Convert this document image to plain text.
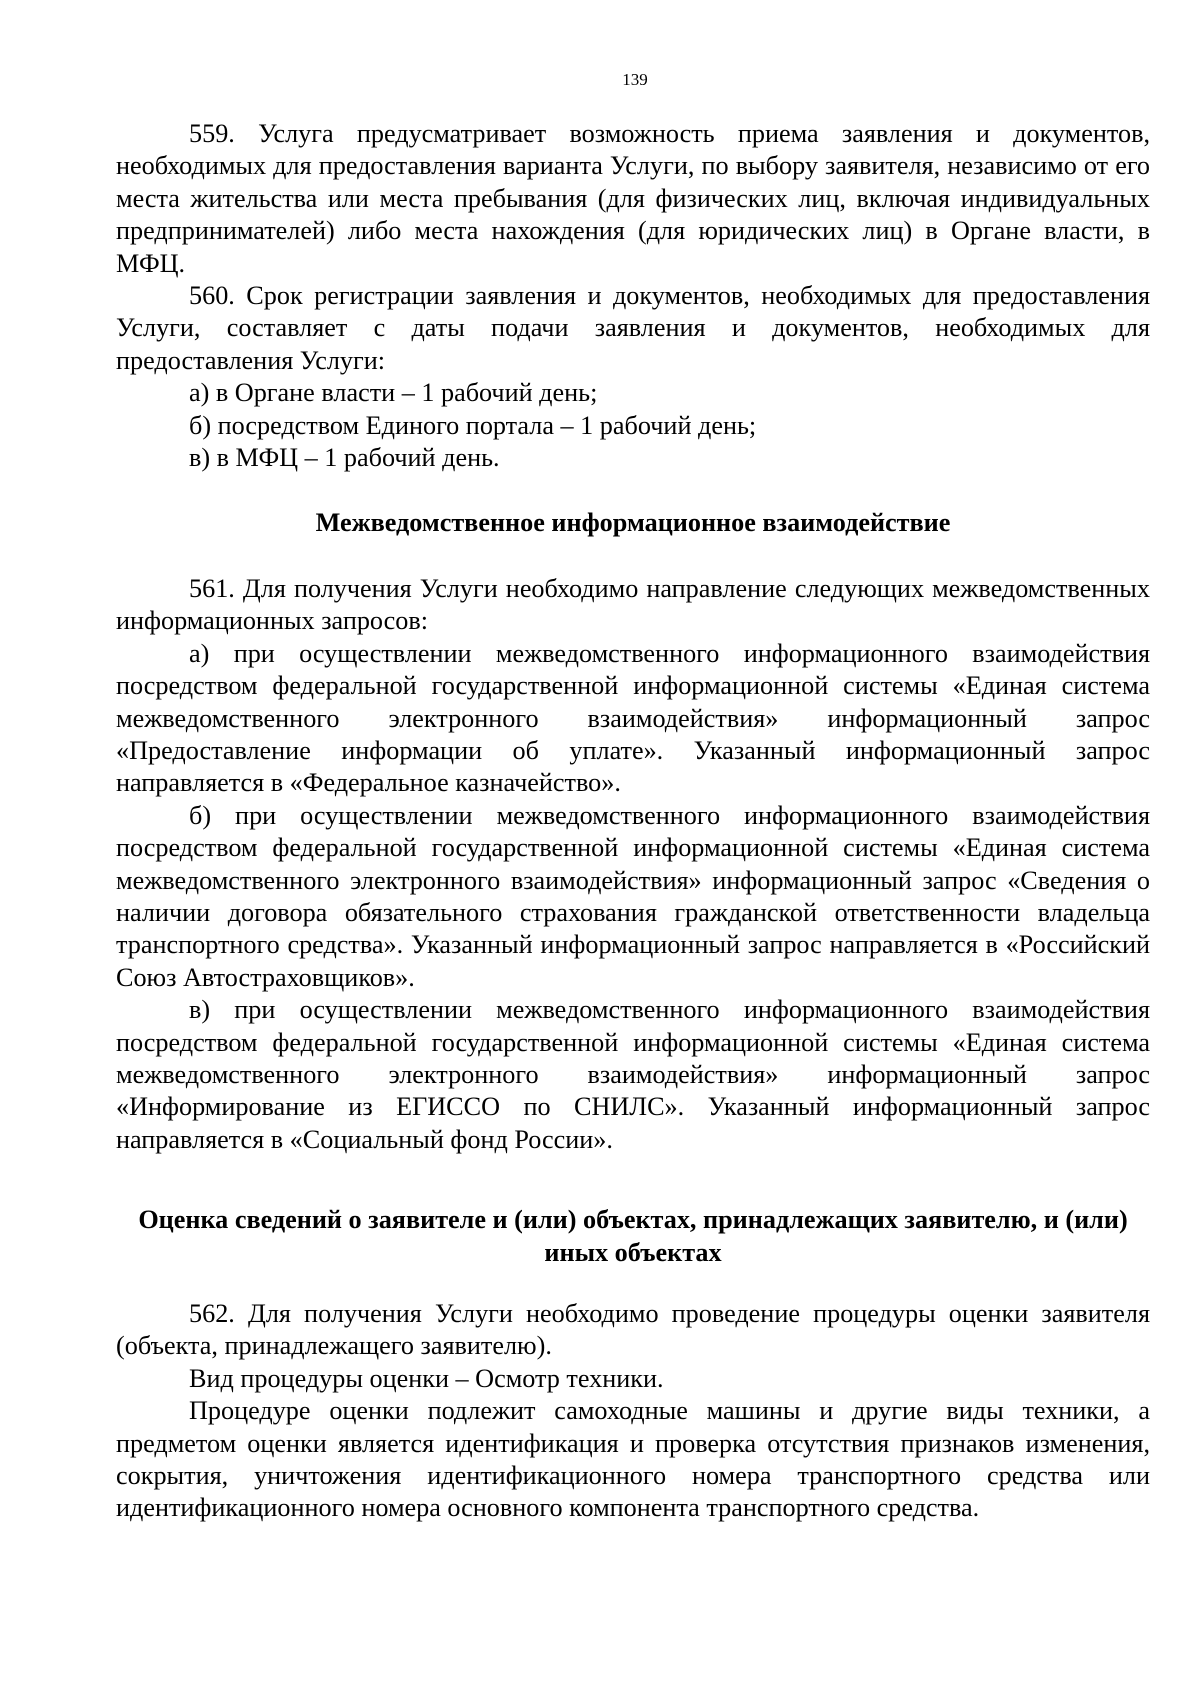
139

559. Услуга предусматривает возможность приема заявления и документов, необходимых для предоставления варианта Услуги, по выбору заявителя, независимо от его места жительства или места пребывания (для физических лиц, включая индивидуальных предпринимателей) либо места нахождения (для юридических лиц) в Органе власти, в МФЦ.

560. Срок регистрации заявления и документов, необходимых для предоставления Услуги, составляет с даты подачи заявления и документов, необходимых для предоставления Услуги:

а) в Органе власти – 1 рабочий день;

б) посредством Единого портала – 1 рабочий день;

в) в МФЦ – 1 рабочий день.

Межведомственное информационное взаимодействие

561. Для получения Услуги необходимо направление следующих межведомственных информационных запросов:

а) при осуществлении межведомственного информационного взаимодействия посредством федеральной государственной информационной системы «Единая система межведомственного электронного взаимодействия» информационный запрос «Предоставление информации об уплате». Указанный информационный запрос направляется в «Федеральное казначейство».

б) при осуществлении межведомственного информационного взаимодействия посредством федеральной государственной информационной системы «Единая система межведомственного электронного взаимодействия» информационный запрос «Сведения о наличии договора обязательного страхования гражданской ответственности владельца транспортного средства». Указанный информационный запрос направляется в «Российский Союз Автостраховщиков».

в) при осуществлении межведомственного информационного взаимодействия посредством федеральной государственной информационной системы «Единая система межведомственного электронного взаимодействия» информационный запрос «Информирование из ЕГИССО по СНИЛС». Указанный информационный запрос направляется в «Социальный фонд России».

Оценка сведений о заявителе и (или) объектах, принадлежащих заявителю, и (или) иных объектах

562. Для получения Услуги необходимо проведение процедуры оценки заявителя (объекта, принадлежащего заявителю).

Вид процедуры оценки – Осмотр техники.

Процедуре оценки подлежит самоходные машины и другие виды техники, а предметом оценки является идентификация и проверка отсутствия признаков изменения, сокрытия, уничтожения идентификационного номера транспортного средства или идентификационного номера основного компонента транспортного средства.
